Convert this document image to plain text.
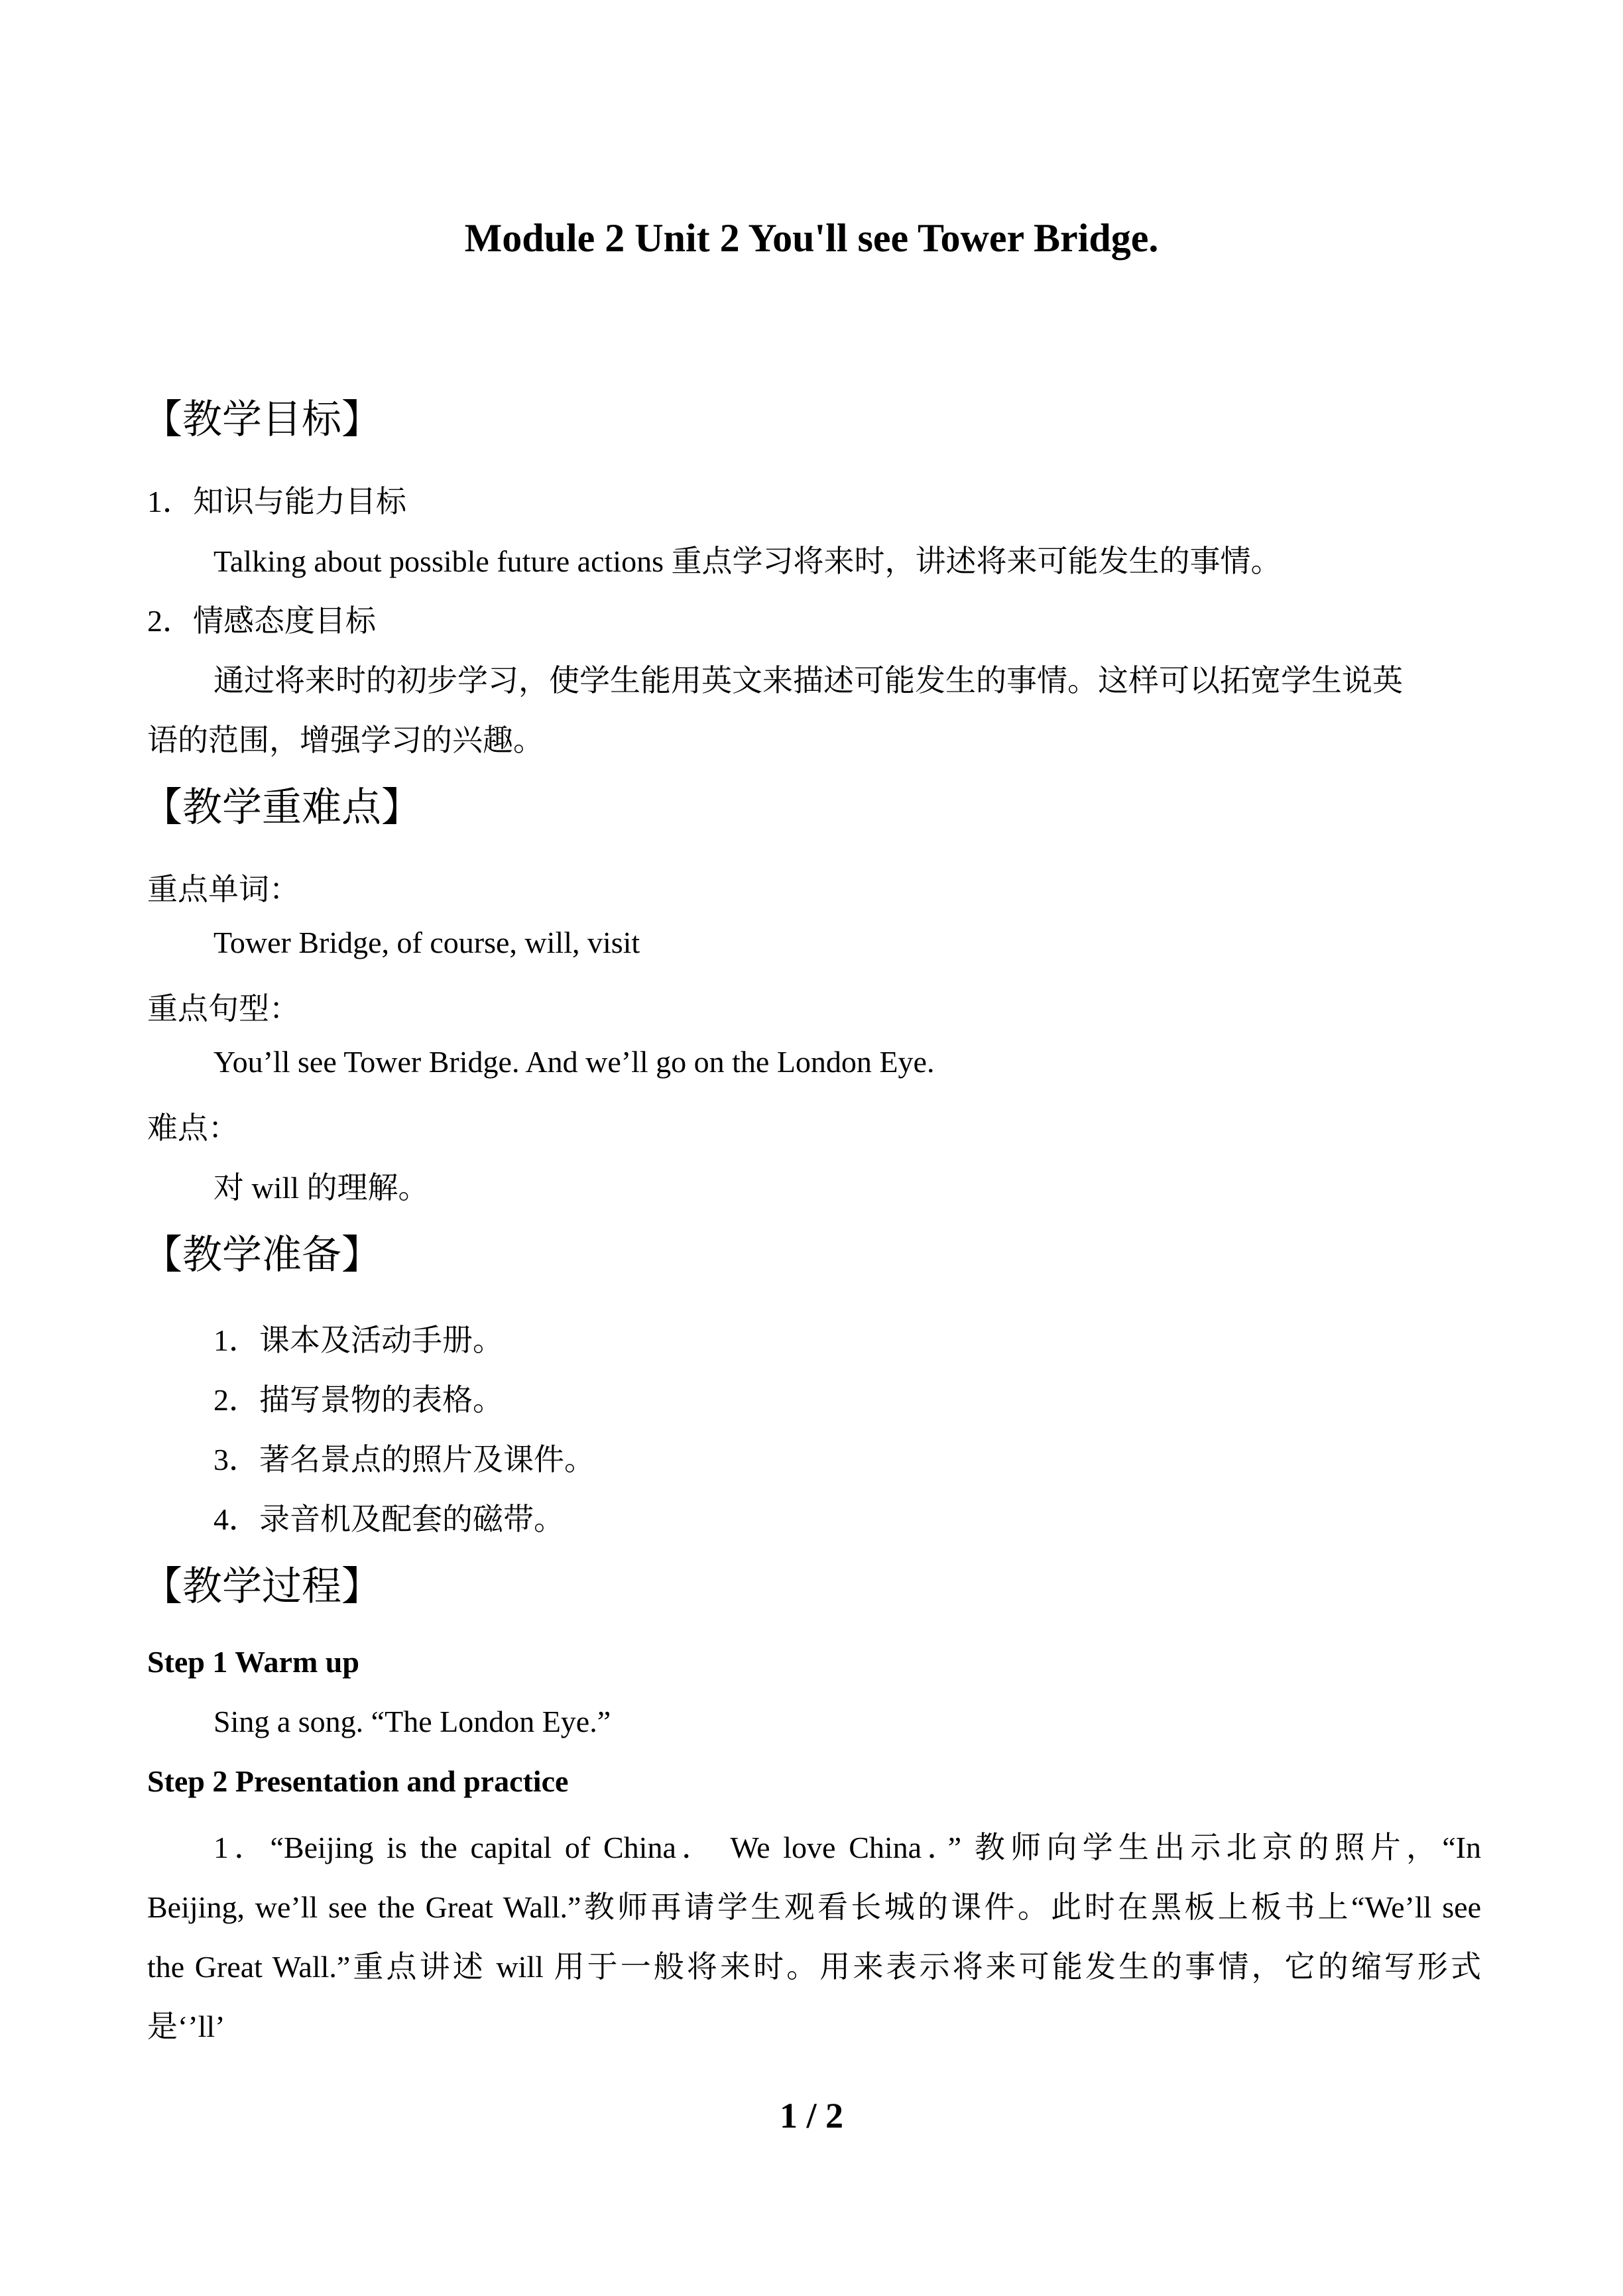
Module 2 Unit 2 You'll see Tower Bridge.
【教学目标】
1．知识与能力目标
Talking about possible future actions 重点学习将来时，讲述将来可能发生的事情。
2．情感态度目标
通过将来时的初步学习，使学生能用英文来描述可能发生的事情。这样可以拓宽学生说英
语的范围，增强学习的兴趣。
【教学重难点】
重点单词：
Tower Bridge, of course, will, visit
重点句型：
You’ll see Tower Bridge. And we’ll go on the London Eye.
难点：
对 will 的理解。
【教学准备】
1．课本及活动手册。
2．描写景物的表格。
3．著名景点的照片及课件。
4．录音机及配套的磁带。
【教学过程】
Step 1 Warm up
Sing a song. “The London Eye.”
Step 2 Presentation and practice
1．“Beijing is the capital of China． We love China．” 教师向学生出示北京的照片，“In
Beijing, we’ll see the Great Wall.”教师再请学生观看长城的课件。此时在黑板上板书上“We’ll see
the Great Wall.”重点讲述 will 用于一般将来时。用来表示将来可能发生的事情，它的缩写形式
是‘’ll’
1 / 2
